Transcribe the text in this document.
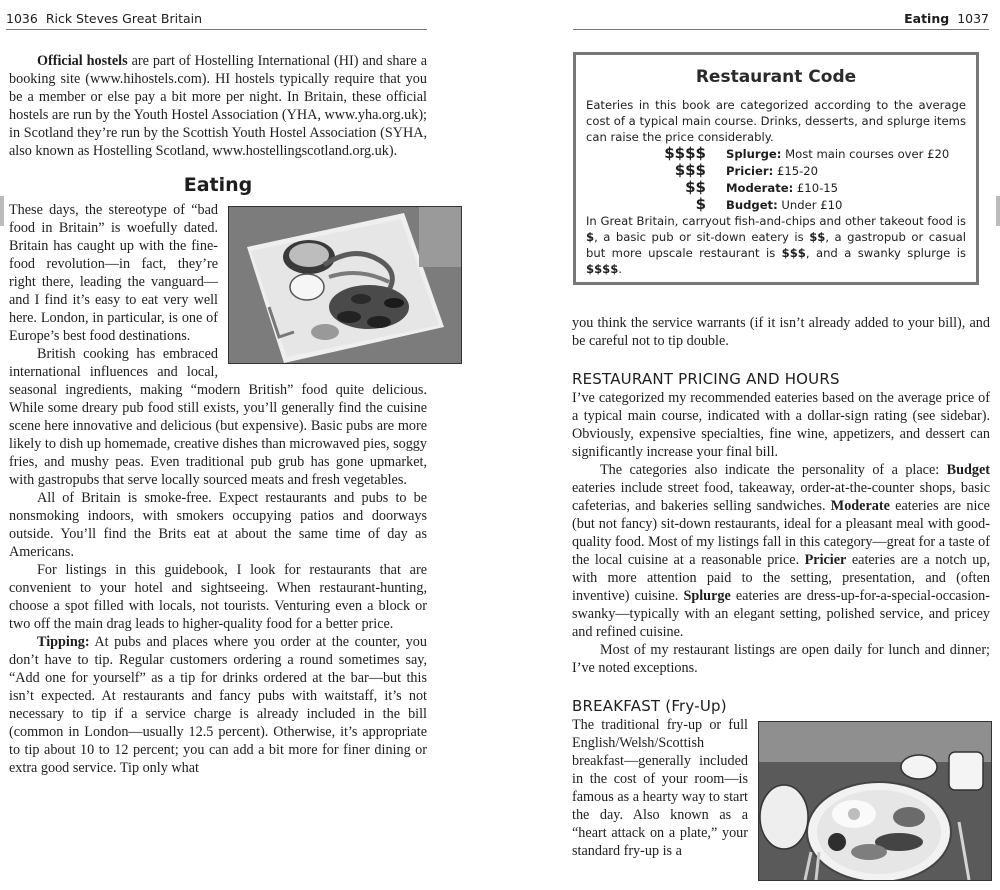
1036 Rick Steves Great Britain

Official hostels are part of Hostelling International (HI) and share a booking site (www.hihostels.com). HI hostels typically require that you be a member or else pay a bit more per night. In Britain, these official hostels are run by the Youth Hostel Association (YHA, www.yha.org.uk); in Scotland they’re run by the Scottish Youth Hostel Association (SYHA, also known as Hostelling Scotland, www.hostellingscotland.org.uk).

Eating

These days, the stereotype of “bad food in Britain” is woefully dated. Britain has caught up with the fine-food revolution—in fact, they’re right there, leading the vanguard—and I find it’s easy to eat very well here. London, in particular, is one of Europe’s best food destinations.

British cooking has embraced international influences and local, seasonal ingredients, making “modern British” food quite delicious. While some dreary pub food still exists, you’ll generally find the cuisine scene here innovative and delicious (but expensive). Basic pubs are more likely to dish up homemade, creative dishes than microwaved pies, soggy fries, and mushy peas. Even traditional pub grub has gone upmarket, with gastropubs that serve locally sourced meats and fresh vegetables.

All of Britain is smoke-free. Expect restaurants and pubs to be nonsmoking indoors, with smokers occupying patios and doorways outside. You’ll find the Brits eat at about the same time of day as Americans.

For listings in this guidebook, I look for restaurants that are convenient to your hotel and sightseeing. When restaurant-hunting, choose a spot filled with locals, not tourists. Venturing even a block or two off the main drag leads to higher-quality food for a better price.

Tipping: At pubs and places where you order at the counter, you don’t have to tip. Regular customers ordering a round sometimes say, “Add one for yourself” as a tip for drinks ordered at the bar—but this isn’t expected. At restaurants and fancy pubs with waitstaff, it’s not necessary to tip if a service charge is already included in the bill (common in London—usually 12.5 percent). Otherwise, it’s appropriate to tip about 10 to 12 percent; you can add a bit more for finer dining or extra good service. Tip only what

Eating 1037
Restaurant Code

Eateries in this book are categorized according to the average cost of a typical main course. Drinks, desserts, and splurge items can raise the price considerably.

$$$$	Splurge: Most main courses over £20
$$$	Pricier: £15-20
$$	Moderate: £10-15
$	Budget: Under £10

In Great Britain, carryout fish-and-chips and other takeout food is $, a basic pub or sit-down eatery is $$, a gastropub or casual but more upscale restaurant is $$$, and a swanky splurge is $$$$.

you think the service warrants (if it isn’t already added to your bill), and be careful not to tip double.

RESTAURANT PRICING AND HOURS

I’ve categorized my recommended eateries based on the average price of a typical main course, indicated with a dollar-sign rating (see sidebar). Obviously, expensive specialties, fine wine, appetizers, and dessert can significantly increase your final bill.

The categories also indicate the personality of a place: Budget eateries include street food, takeaway, order-at-the-counter shops, basic cafeterias, and bakeries selling sandwiches. Moderate eateries are nice (but not fancy) sit-down restaurants, ideal for a pleasant meal with good-quality food. Most of my listings fall in this category—great for a taste of the local cuisine at a reasonable price. Pricier eateries are a notch up, with more attention paid to the setting, presentation, and (often inventive) cuisine. Splurge eateries are dress-up-for-a-special-occasion-swanky—typically with an elegant setting, polished service, and pricey and refined cuisine.

Most of my restaurant listings are open daily for lunch and dinner; I’ve noted exceptions.

BREAKFAST (Fry-Up)

The traditional fry-up or full English/Welsh/Scottish breakfast—generally included in the cost of your room—is famous as a hearty way to start the day. Also known as a “heart attack on a plate,” your standard fry-up is a
